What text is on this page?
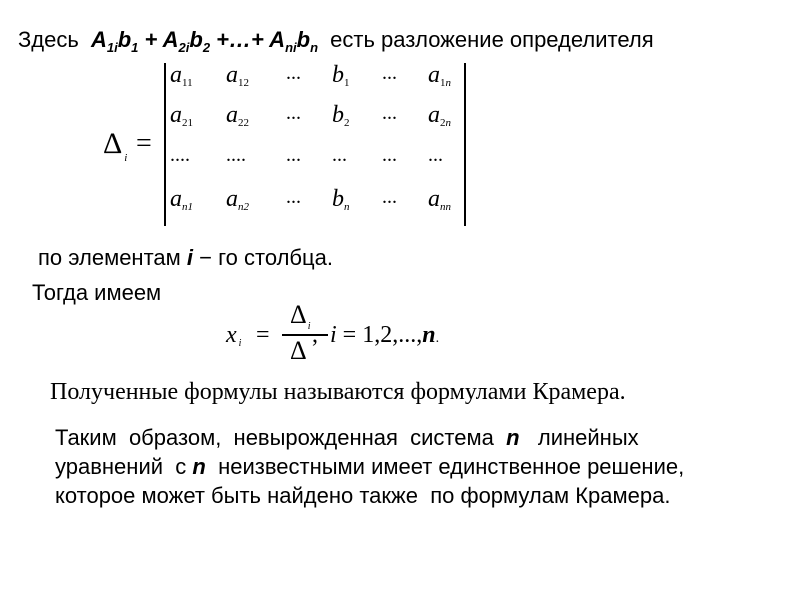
Здесь $A_{1i}b_1 + A_{2i}b_2$ +…+ $A_{ni}b_n$ есть разложение определителя
Δ $_i$ =
a11 a12 ... b1 ... a1n
a21 a22 ... b2 ... a2n
.... .... ... ... ... ...
an1 an2 ... bn ... ann
по элементам i − го столбца.
Тогда имеем
xi =
$\Delta_i$
Δ
, i = 1,2,...,n.
Полученные формулы называются формулами Крамера.
Таким  образом,  невырожденная  система n линейных
уравнений  с n неизвестными имеет единственное решение,
которое может быть найдено также  по формулам Крамера.
